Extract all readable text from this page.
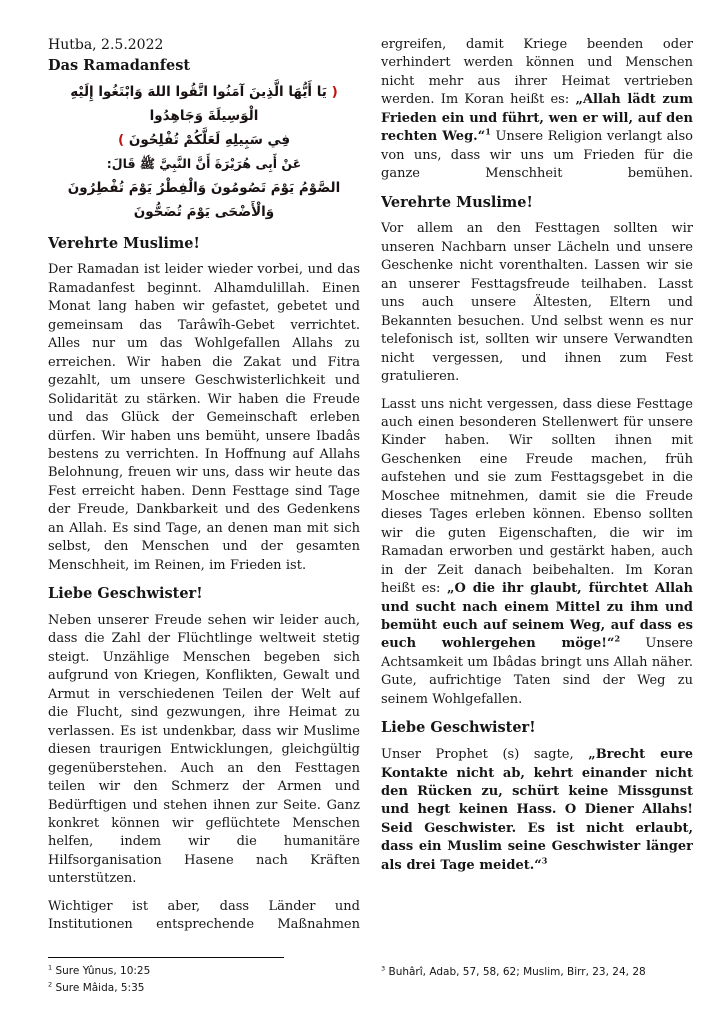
Hutba, 2.5.2022
Das Ramadanfest
( يَا أَيُّهَا الَّذِينَ آمَنُوا اتَّقُوا اللهَ وَابْتَغُوا إِلَيْهِ الْوَسِيلَةَ وَجَاهِدُوا
فِي سَبِيلِهِ لَعَلَّكُمْ تُفْلِحُونَ )
عَنْ أَبِى هُرَيْرَةَ أَنَّ النَّبِيَّ ﷺ قَالَ:
الصَّوْمُ يَوْمَ تَصُومُونَ وَالْفِطْرُ يَوْمَ تُفْطِرُونَ وَالْأَضْحَى يَوْمَ تُضَحُّونَ
Verehrte Muslime!

Der Ramadan ist leider wieder vorbei, und das Ramadanfest beginnt. Alhamdulillah. Einen Monat lang haben wir gefastet, gebetet und gemeinsam das Tarâwîh-Gebet verrichtet. Alles nur um das Wohlgefallen Allahs zu erreichen. Wir haben die Zakat und Fitra gezahlt, um unsere Geschwisterlichkeit und Solidarität zu stärken. Wir haben die Freude und das Glück der Gemeinschaft erleben dürfen. Wir haben uns bemüht, unsere Ibadâs bestens zu verrichten. In Hoffnung auf Allahs Belohnung, freuen wir uns, dass wir heute das Fest erreicht haben. Denn Festtage sind Tage der Freude, Dankbarkeit und des Gedenkens an Allah. Es sind Tage, an denen man mit sich selbst, den Menschen und der gesamten Menschheit, im Reinen, im Frieden ist.

Liebe Geschwister!

Neben unserer Freude sehen wir leider auch, dass die Zahl der Flüchtlinge weltweit stetig steigt. Unzählige Menschen begeben sich aufgrund von Kriegen, Konflikten, Gewalt und Armut in verschiedenen Teilen der Welt auf die Flucht, sind gezwungen, ihre Heimat zu verlassen. Es ist undenkbar, dass wir Muslime diesen traurigen Entwicklungen, gleichgültig gegenüberstehen. Auch an den Festtagen teilen wir den Schmerz der Armen und Bedürftigen und stehen ihnen zur Seite. Ganz konkret können wir geflüchtete Menschen helfen, indem wir die humanitäre Hilfsorganisation Hasene nach Kräften unterstützen.

Wichtiger ist aber, dass Länder und Institutionen entsprechende Maßnahmen

$^1$ Sure Yûnus, 10:25
$^2$ Sure Mâida, 5:35

ergreifen, damit Kriege beenden oder verhindert werden können und Menschen nicht mehr aus ihrer Heimat vertrieben werden. Im Koran heißt es: „Allah lädt zum Frieden ein und führt, wen er will, auf den rechten Weg.“$^1$ Unsere Religion verlangt also von uns, dass wir uns um Frieden für die ganze Menschheit bemühen.

Verehrte Muslime!

Vor allem an den Festtagen sollten wir unseren Nachbarn unser Lächeln und unsere Geschenke nicht vorenthalten. Lassen wir sie an unserer Festtagsfreude teilhaben. Lasst uns auch unsere Ältesten, Eltern und Bekannten besuchen. Und selbst wenn es nur telefonisch ist, sollten wir unsere Verwandten nicht vergessen, und ihnen zum Fest gratulieren.

Lasst uns nicht vergessen, dass diese Festtage auch einen besonderen Stellenwert für unsere Kinder haben. Wir sollten ihnen mit Geschenken eine Freude machen, früh aufstehen und sie zum Festtagsgebet in die Moschee mitnehmen, damit sie die Freude dieses Tages erleben können. Ebenso sollten wir die guten Eigenschaften, die wir im Ramadan erworben und gestärkt haben, auch in der Zeit danach beibehalten. Im Koran heißt es: „O die ihr glaubt, fürchtet Allah und sucht nach einem Mittel zu ihm und bemüht euch auf seinem Weg, auf dass es euch wohlergehen möge!“$^2$ Unsere Achtsamkeit um Ibâdas bringt uns Allah näher. Gute, aufrichtige Taten sind der Weg zu seinem Wohlgefallen.

Liebe Geschwister!

Unser Prophet (s) sagte, „Brecht eure Kontakte nicht ab, kehrt einander nicht den Rücken zu, schürt keine Missgunst und hegt keinen Hass. O Diener Allahs! Seid Geschwister. Es ist nicht erlaubt, dass ein Muslim seine Geschwister länger als drei Tage meidet.“$^3$

$^3$ Buhârî, Adab, 57, 58, 62; Muslim, Birr, 23, 24, 28
